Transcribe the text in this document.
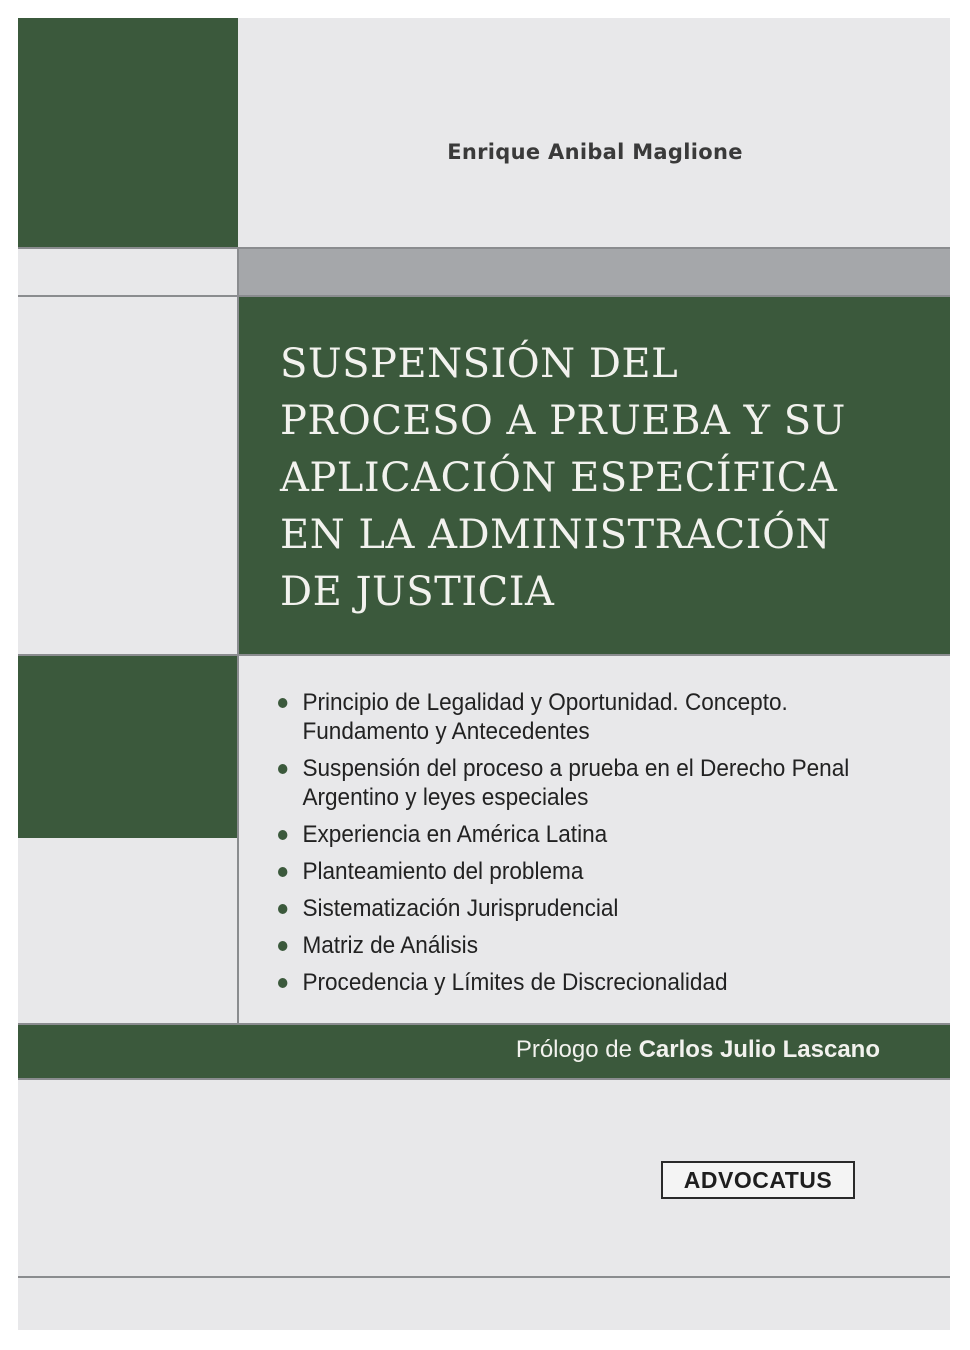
Enrique Anibal Maglione
SUSPENSIÓN DEL
PROCESO A PRUEBA Y SU
APLICACIÓN ESPECÍFICA
EN LA ADMINISTRACIÓN
DE JUSTICIA
Principio de Legalidad y Oportunidad. Concepto.
Fundamento y Antecedentes
Suspensión del proceso a prueba en el Derecho Penal
Argentino y leyes especiales
Experiencia en América Latina
Planteamiento del problema
Sistematización Jurisprudencial
Matriz de Análisis
Procedencia y Límites de Discrecionalidad
Prólogo de Carlos Julio Lascano
ADVOCATUS
